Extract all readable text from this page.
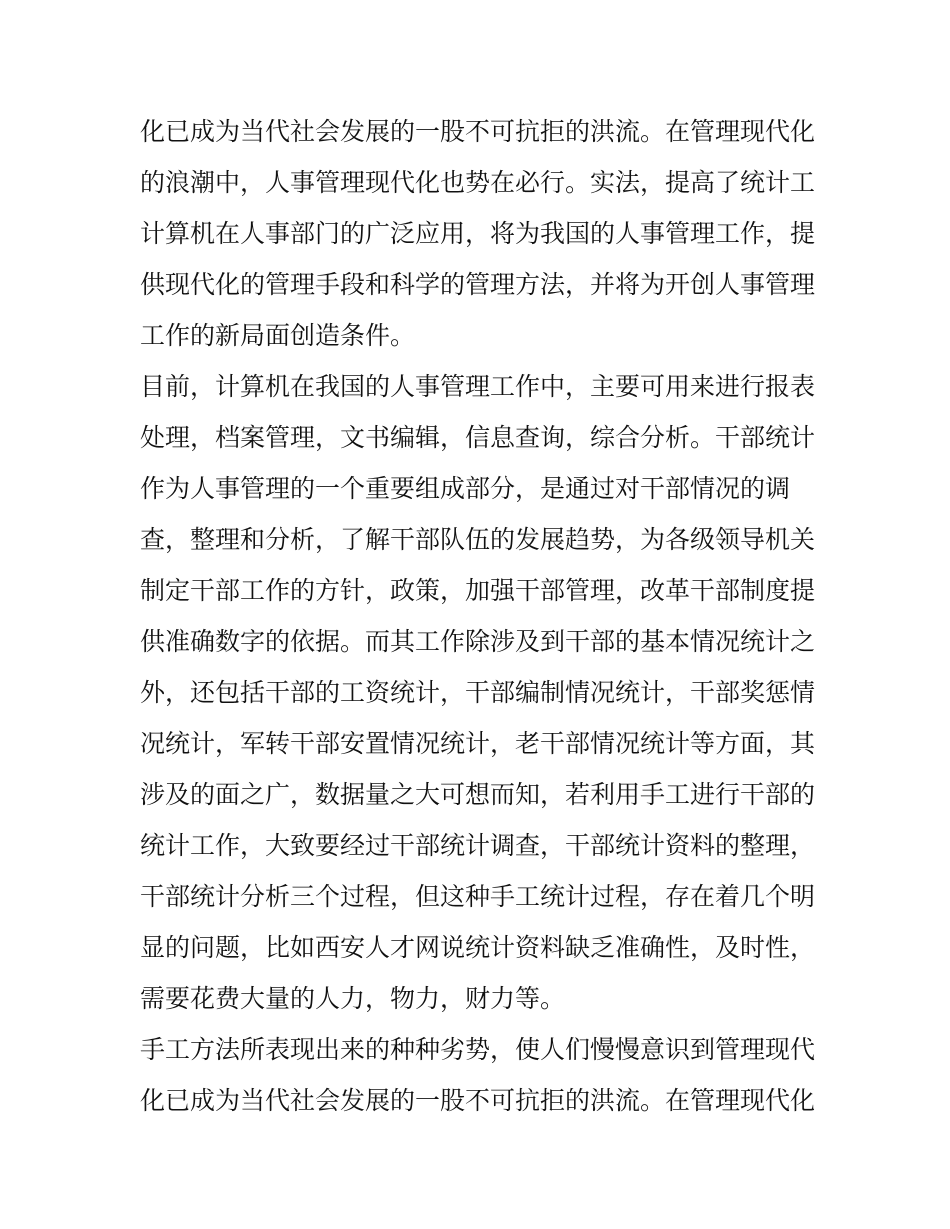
化已成为当代社会发展的一股不可抗拒的洪流。在管理现代化
的浪潮中，人事管理现代化也势在必行。实法，提高了统计工
计算机在人事部门的广泛应用，将为我国的人事管理工作，提
供现代化的管理手段和科学的管理方法，并将为开创人事管理
工作的新局面创造条件。
目前，计算机在我国的人事管理工作中，主要可用来进行报表
处理，档案管理，文书编辑，信息查询，综合分析。干部统计
作为人事管理的一个重要组成部分，是通过对干部情况的调
查，整理和分析，了解干部队伍的发展趋势，为各级领导机关
制定干部工作的方针，政策，加强干部管理，改革干部制度提
供准确数字的依据。而其工作除涉及到干部的基本情况统计之
外，还包括干部的工资统计，干部编制情况统计，干部奖惩情
况统计，军转干部安置情况统计，老干部情况统计等方面，其
涉及的面之广，数据量之大可想而知，若利用手工进行干部的
统计工作，大致要经过干部统计调查，干部统计资料的整理，
干部统计分析三个过程，但这种手工统计过程，存在着几个明
显的问题，比如西安人才网说统计资料缺乏准确性，及时性，
需要花费大量的人力，物力，财力等。
手工方法所表现出来的种种劣势，使人们慢慢意识到管理现代
化已成为当代社会发展的一股不可抗拒的洪流。在管理现代化
